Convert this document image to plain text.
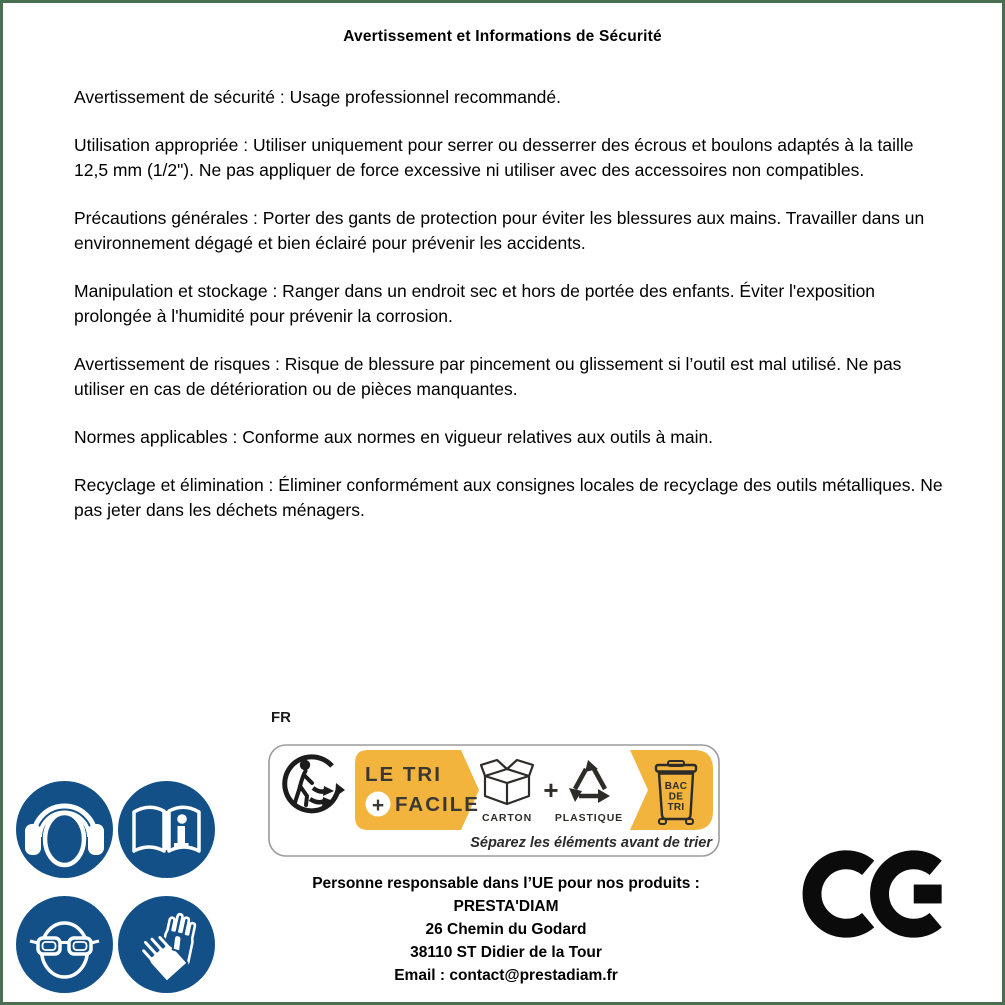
Avertissement et Informations de Sécurité

Avertissement de sécurité : Usage professionnel recommandé.

Utilisation appropriée : Utiliser uniquement pour serrer ou desserrer des écrous et boulons adaptés à la taille 12,5 mm (1/2"). Ne pas appliquer de force excessive ni utiliser avec des accessoires non compatibles.

Précautions générales : Porter des gants de protection pour éviter les blessures aux mains. Travailler dans un environnement dégagé et bien éclairé pour prévenir les accidents.

Manipulation et stockage : Ranger dans un endroit sec et hors de portée des enfants. Éviter l'exposition prolongée à l'humidité pour prévenir la corrosion.

Avertissement de risques : Risque de blessure par pincement ou glissement si l’outil est mal utilisé. Ne pas utiliser en cas de détérioration ou de pièces manquantes.

Normes applicables : Conforme aux normes en vigueur relatives aux outils à main.

Recyclage et élimination : Éliminer conformément aux consignes locales de recyclage des outils métalliques. Ne pas jeter dans les déchets ménagers.

FR
LE TRI
+ FACILE
CARTON
+
PLASTIQUE
BAC
DE
TRI
Séparez les éléments avant de trier
Personne responsable dans l’UE pour nos produits :
PRESTA'DIAM
26 Chemin du Godard
38110 ST Didier de la Tour
Email : contact@prestadiam.fr
